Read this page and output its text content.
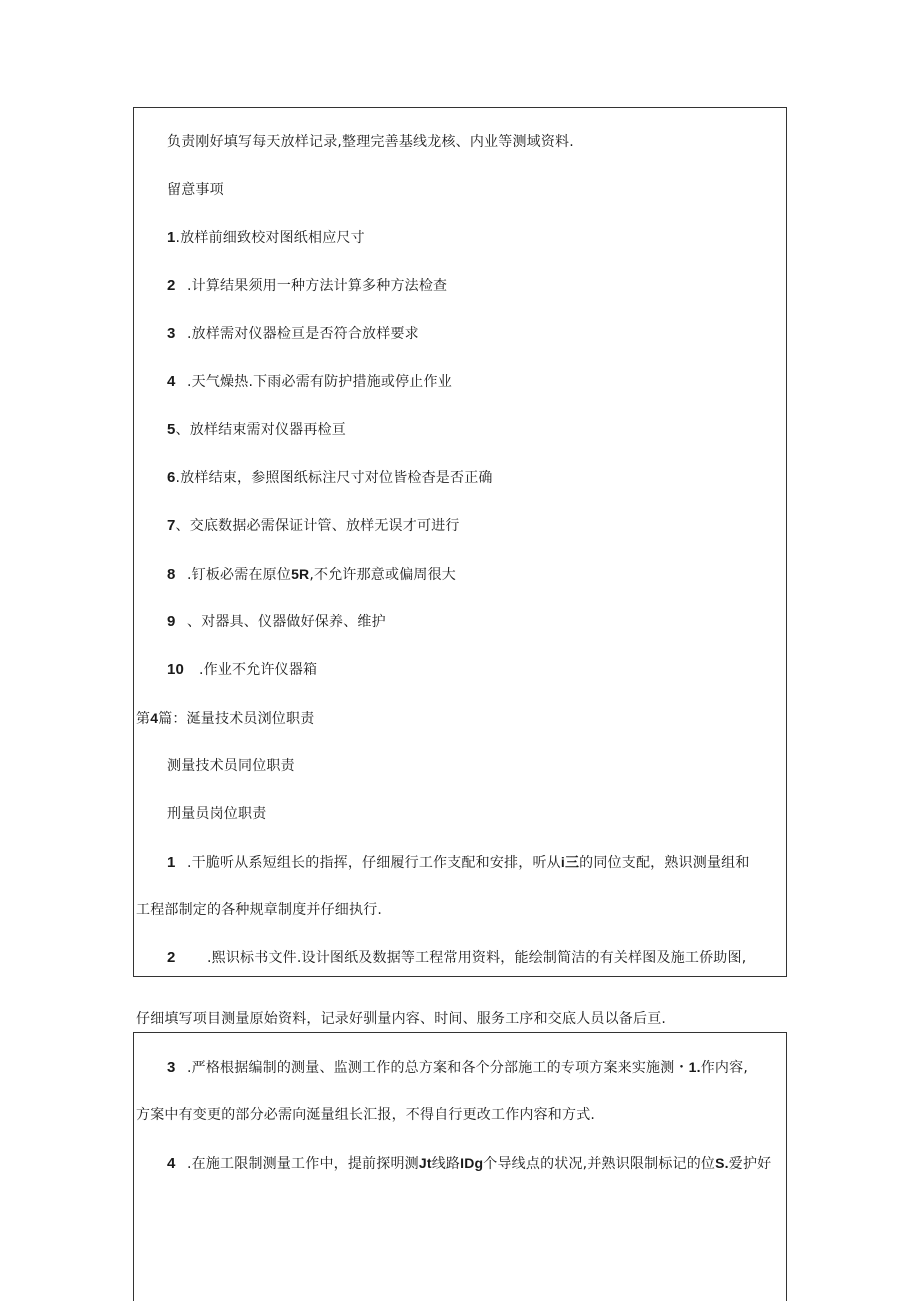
负责刚好填写每天放样记录,整理完善基线龙核、内业等测域资料.
留意事项
1.放样前细致校对图纸相应尺寸
2 .计算结果须用一种方法计算多种方法检查
3 .放样需对仪器检亘是否符合放样要求
4 .天气燥热.下雨必需有防护措施或停止作业
5、放样结束需对仪器再检亘
6.放样结束，参照图纸标注尺寸对位皆检杳是否正确
7、交底数据必需保证计管、放样无误才可进行
8 .钉板必需在原位5R,不允许那意或偏周很大
9 、对器具、仪器做好保养、维护
10 .作业不允许仪器箱
第4篇：涎量技术员浏位职责
测量技术员同位职责
刑量员岗位职责
1 .干脆听从系短组长的指挥，仔细履行工作支配和安排，听从i三的同位支配，熟识测量组和
工程部制定的各种规章制度并仔细执行.
2 .熙识标书文件.设计图纸及数据等工程常用资料，能绘制简洁的有关样图及施工侨助图,
仔细填写项目测量原始资料，记录好驯量内容、时间、服务工序和交底人员以备后亘.
3 .严格根据编制的测量、监测工作的总方案和各个分部施工的专项方案来实施测・1.作内容,
方案中有变更的部分必需向涎量组长汇报，不得自行更改工作内容和方式.
4 .在施工限制测量工作中，提前探明测Jt线路IDg个导线点的状况,并熟识限制标记的位S.爱护好
